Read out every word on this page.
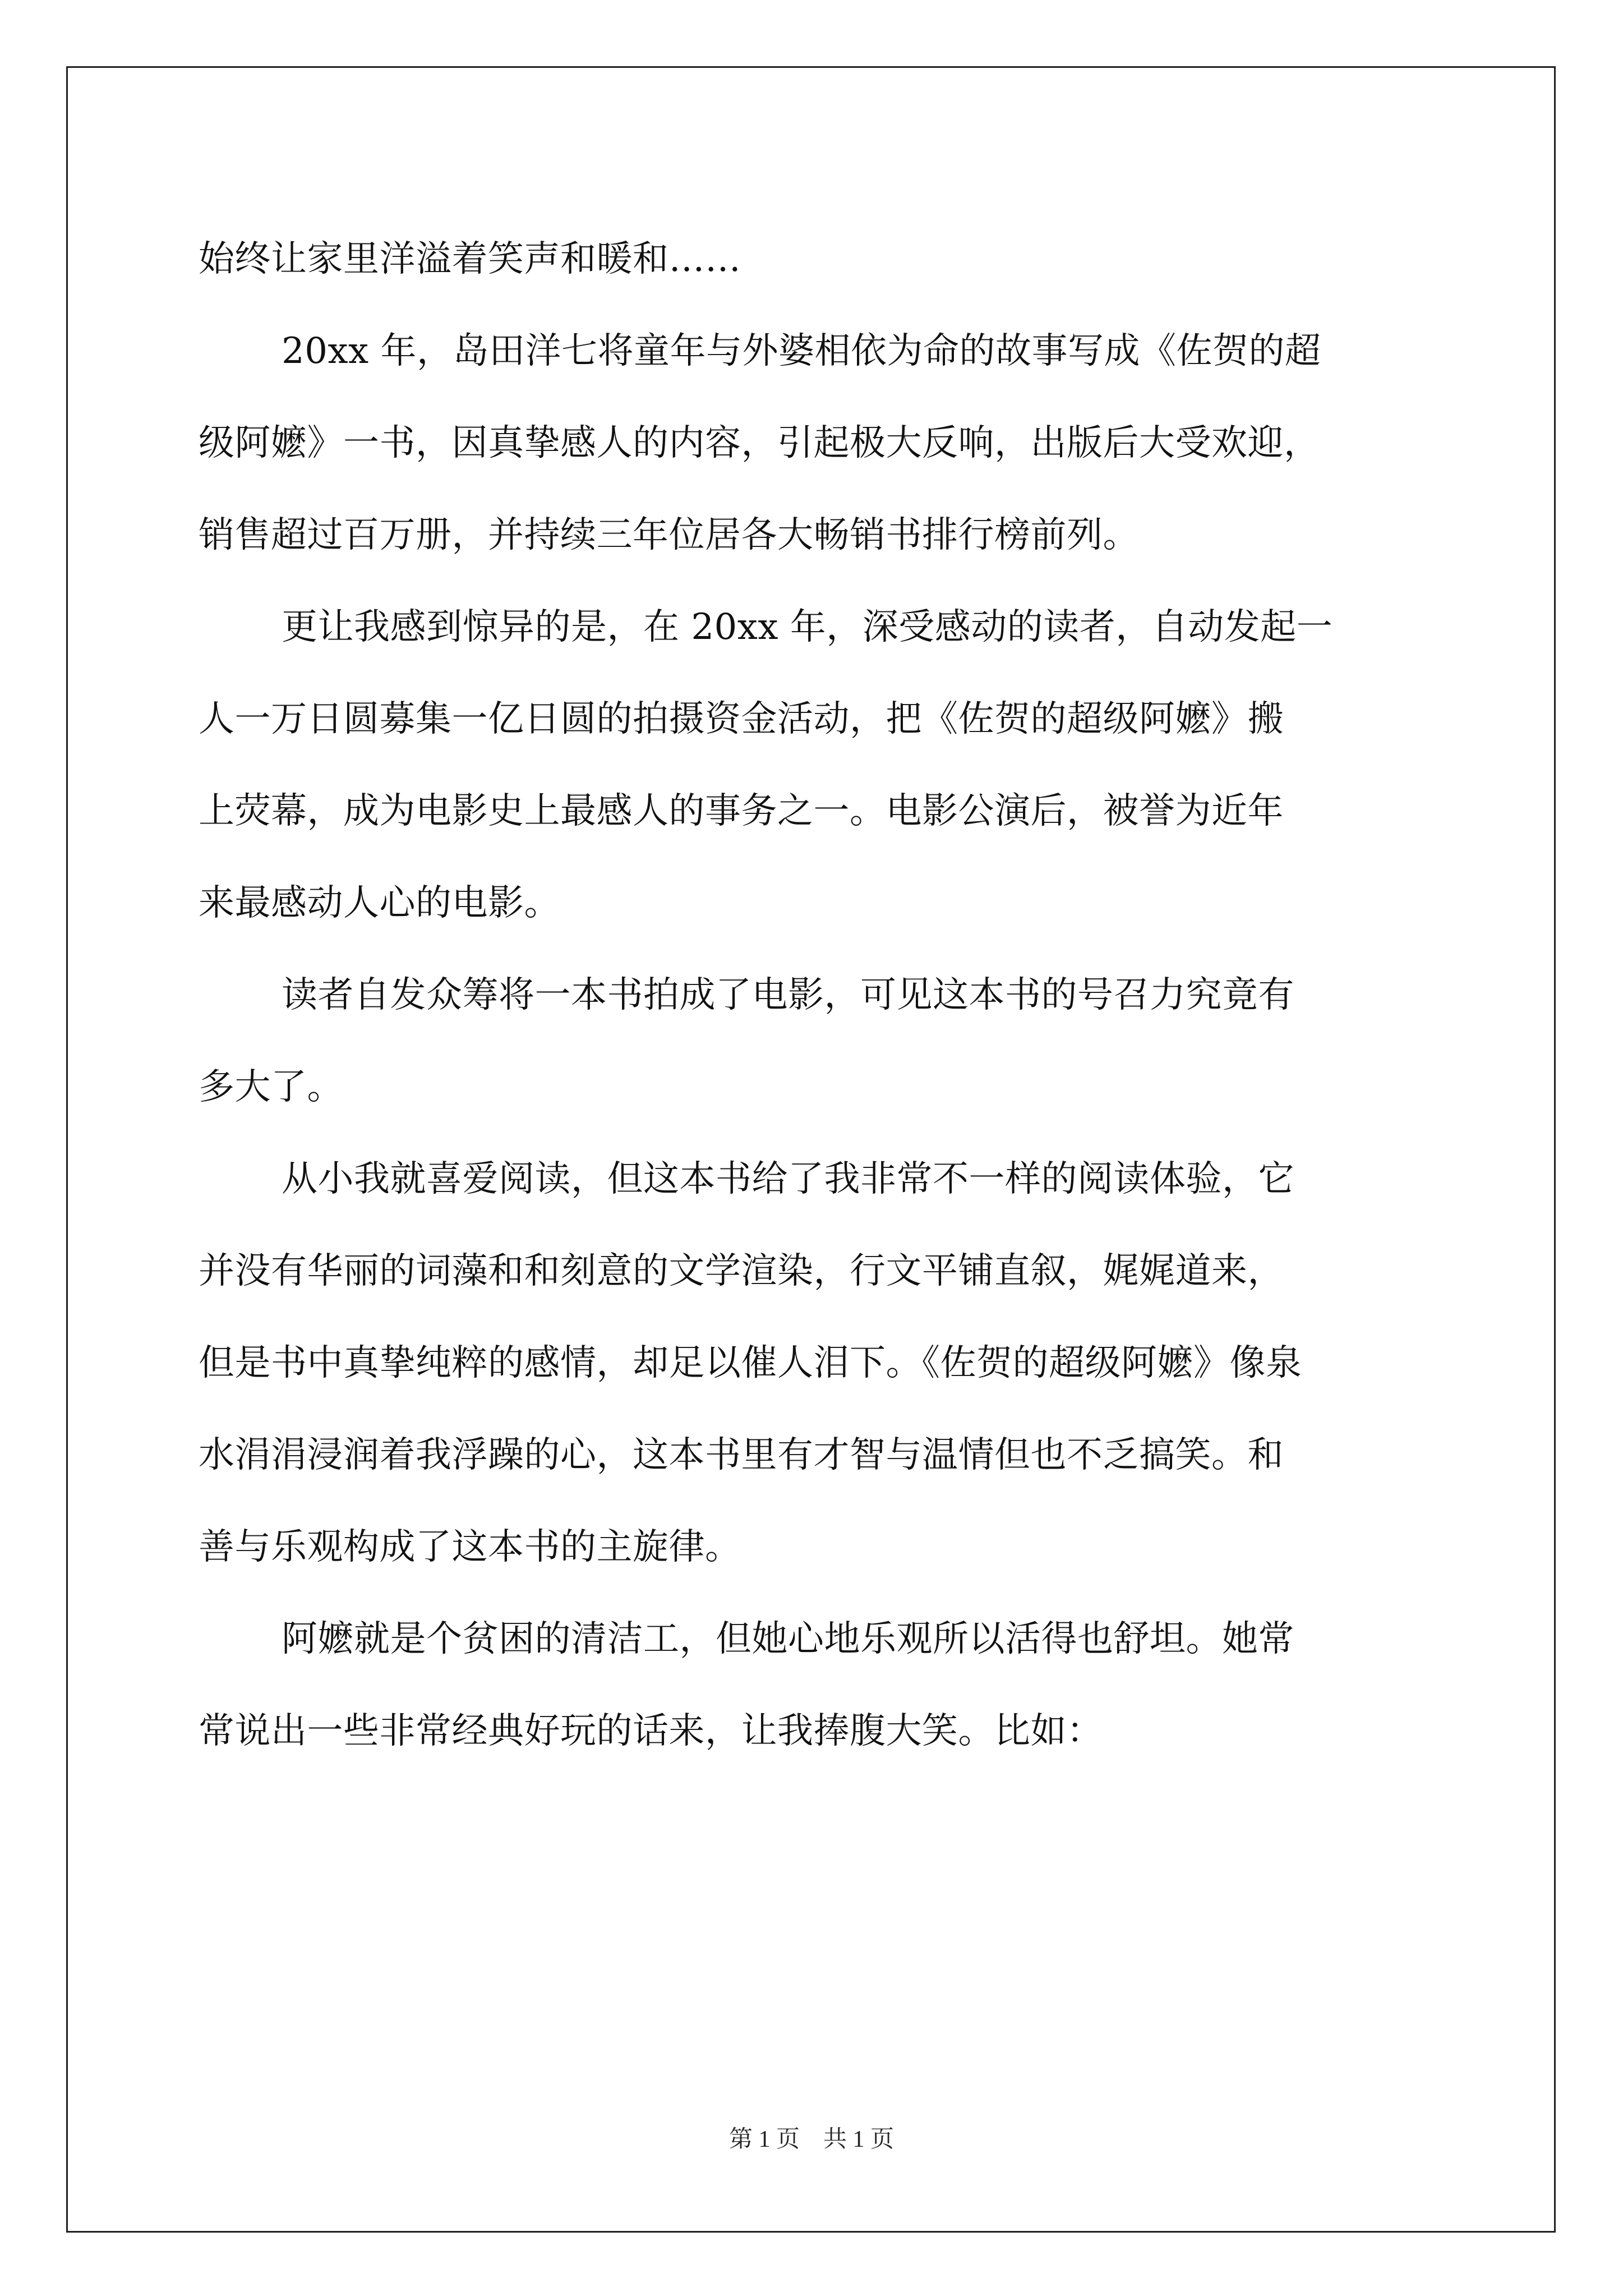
始终让家里洋溢着笑声和暖和……
20xx 年，岛田洋七将童年与外婆相依为命的故事写成《佐贺的超
级阿嬷》一书，因真挚感人的内容，引起极大反响，出版后大受欢迎，
销售超过百万册，并持续三年位居各大畅销书排行榜前列。
更让我感到惊异的是，在 20xx 年，深受感动的读者，自动发起一
人一万日圆募集一亿日圆的拍摄资金活动，把《佐贺的超级阿嬷》搬
上荧幕，成为电影史上最感人的事务之一。电影公演后，被誉为近年
来最感动人心的电影。
读者自发众筹将一本书拍成了电影，可见这本书的号召力究竟有
多大了。
从小我就喜爱阅读，但这本书给了我非常不一样的阅读体验，它
并没有华丽的词藻和和刻意的文学渲染，行文平铺直叙，娓娓道来，
但是书中真挚纯粹的感情，却足以催人泪下。《佐贺的超级阿嬷》像泉
水涓涓浸润着我浮躁的心，这本书里有才智与温情但也不乏搞笑。和
善与乐观构成了这本书的主旋律。
阿嬷就是个贫困的清洁工，但她心地乐观所以活得也舒坦。她常
常说出一些非常经典好玩的话来，让我捧腹大笑。比如：
第 1 页　共 1 页
